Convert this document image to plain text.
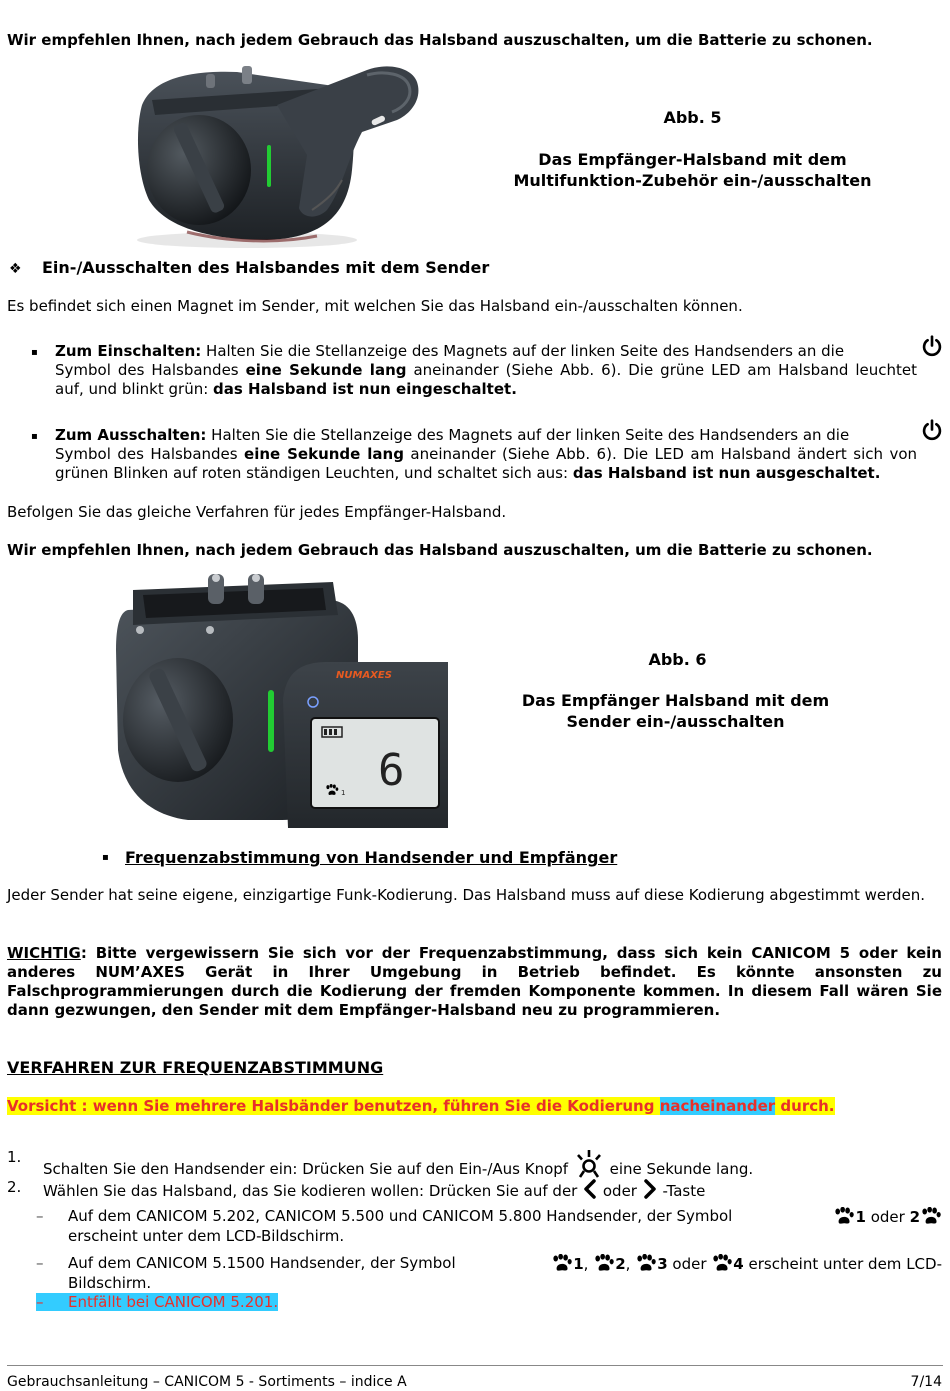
Wir empfehlen Ihnen, nach jedem Gebrauch das Halsband auszuschalten, um die Batterie zu schonen.
Abb. 5
Das Empfänger-Halsband mit dem
Multifunktion-Zubehör ein-/ausschalten
❖ Ein-/Ausschalten des Halsbandes mit dem Sender
Es befindet sich einen Magnet im Sender, mit welchen Sie das Halsband ein-/ausschalten können.
▪ Zum Einschalten: Halten Sie die Stellanzeige des Magnets auf der linken Seite des Handsenders an die
Symbol des Halsbandes eine Sekunde lang aneinander (Siehe Abb. 6). Die grüne LED am Halsband leuchtet auf, und blinkt grün: das Halsband ist nun eingeschaltet.
▪ Zum Ausschalten: Halten Sie die Stellanzeige des Magnets auf der linken Seite des Handsenders an die
Symbol des Halsbandes eine Sekunde lang aneinander (Siehe Abb. 6). Die LED am Halsband ändert sich von grünen Blinken auf roten ständigen Leuchten, und schaltet sich aus: das Halsband ist nun ausgeschaltet.
Befolgen Sie das gleiche Verfahren für jedes Empfänger-Halsband.
Wir empfehlen Ihnen, nach jedem Gebrauch das Halsband auszuschalten, um die Batterie zu schonen.
NUMAXES
6
1
Abb. 6
Das Empfänger Halsband mit dem
Sender ein-/ausschalten
▪ Frequenzabstimmung von Handsender und Empfänger
Jeder Sender hat seine eigene, einzigartige Funk-Kodierung. Das Halsband muss auf diese Kodierung abgestimmt werden.
WICHTIG: Bitte vergewissern Sie sich vor der Frequenzabstimmung, dass sich kein CANICOM 5 oder kein anderes NUM’AXES Gerät in Ihrer Umgebung in Betrieb befindet. Es könnte ansonsten zu Falschprogrammierungen durch die Kodierung der fremden Komponente kommen. In diesem Fall wären Sie dann gezwungen, den Sender mit dem Empfänger-Halsband neu zu programmieren.
VERFAHREN ZUR FREQUENZABSTIMMUNG
Vorsicht : wenn Sie mehrere Halsbänder benutzen, führen Sie die Kodierung nacheinander durch.
1.
Schalten Sie den Handsender ein: Drücken Sie auf den Ein-/Aus Knopf  eine Sekunde lang.
2. Wählen Sie das Halsband, das Sie kodieren wollen: Drücken Sie auf der  oder  -Taste
– Auf dem CANICOM 5.202, CANICOM 5.500 und CANICOM 5.800 Handsender, der Symbol	1 oder 2
erscheint unter dem LCD-Bildschirm.
– Auf dem CANICOM 5.1500 Handsender, der Symbol	1, 2, 3 oder 4 erscheint unter dem LCD-
Bildschirm.
– Entfällt bei CANICOM 5.201.
Gebrauchsanleitung – CANICOM 5 - Sortiments – indice A	7/14
